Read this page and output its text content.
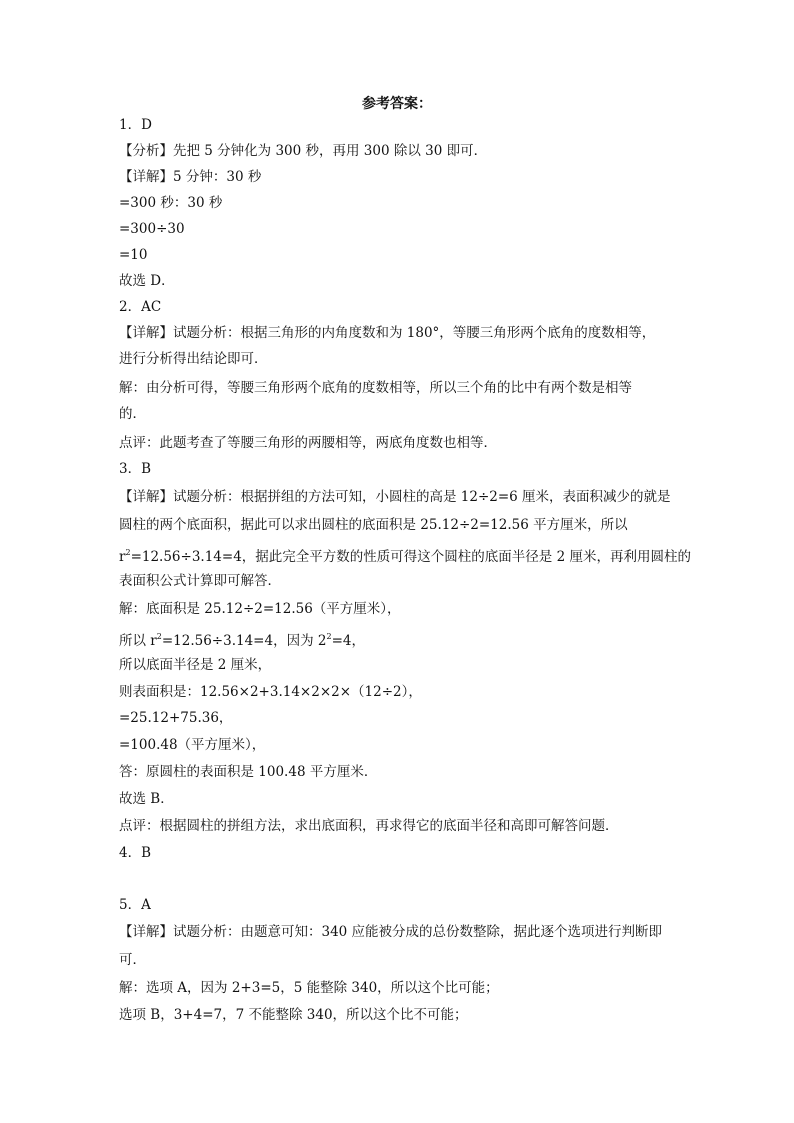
参考答案：
1．D
【分析】先把 5 分钟化为 300 秒，再用 300 除以 30 即可．
【详解】5 分钟：30 秒
=300 秒：30 秒
=300÷30
=10
故选 D．
2．AC
【详解】试题分析：根据三角形的内角度数和为 180°，等腰三角形两个底角的度数相等，
进行分析得出结论即可．
解：由分析可得，等腰三角形两个底角的度数相等，所以三个角的比中有两个数是相等
的．
点评：此题考查了等腰三角形的两腰相等，两底角度数也相等．
3．B
【详解】试题分析：根据拼组的方法可知，小圆柱的高是 12÷2=6 厘米，表面积减少的就是
圆柱的两个底面积，据此可以求出圆柱的底面积是 25.12÷2=12.56 平方厘米，所以
$r^2=12.56\div 3.14=4$，据此完全平方数的性质可得这个圆柱的底面半径是 2 厘米，再利用圆柱的
表面积公式计算即可解答．
解：底面积是 25.12÷2=12.56（平方厘米），
所以 $r^2=12.56\div 3.14=4$，因为 $2^2=4$，
所以底面半径是 2 厘米，
则表面积是：12.56×2+3.14×2×2×（12÷2），
=25.12+75.36，
=100.48（平方厘米），
答：原圆柱的表面积是 100.48 平方厘米．
故选 B．
点评：根据圆柱的拼组方法，求出底面积，再求得它的底面半径和高即可解答问题．
4．B
5．A
【详解】试题分析：由题意可知：340 应能被分成的总份数整除，据此逐个选项进行判断即
可．
解：选项 A，因为 2+3=5，5 能整除 340，所以这个比可能；
选项 B，3+4=7，7 不能整除 340，所以这个比不可能；
